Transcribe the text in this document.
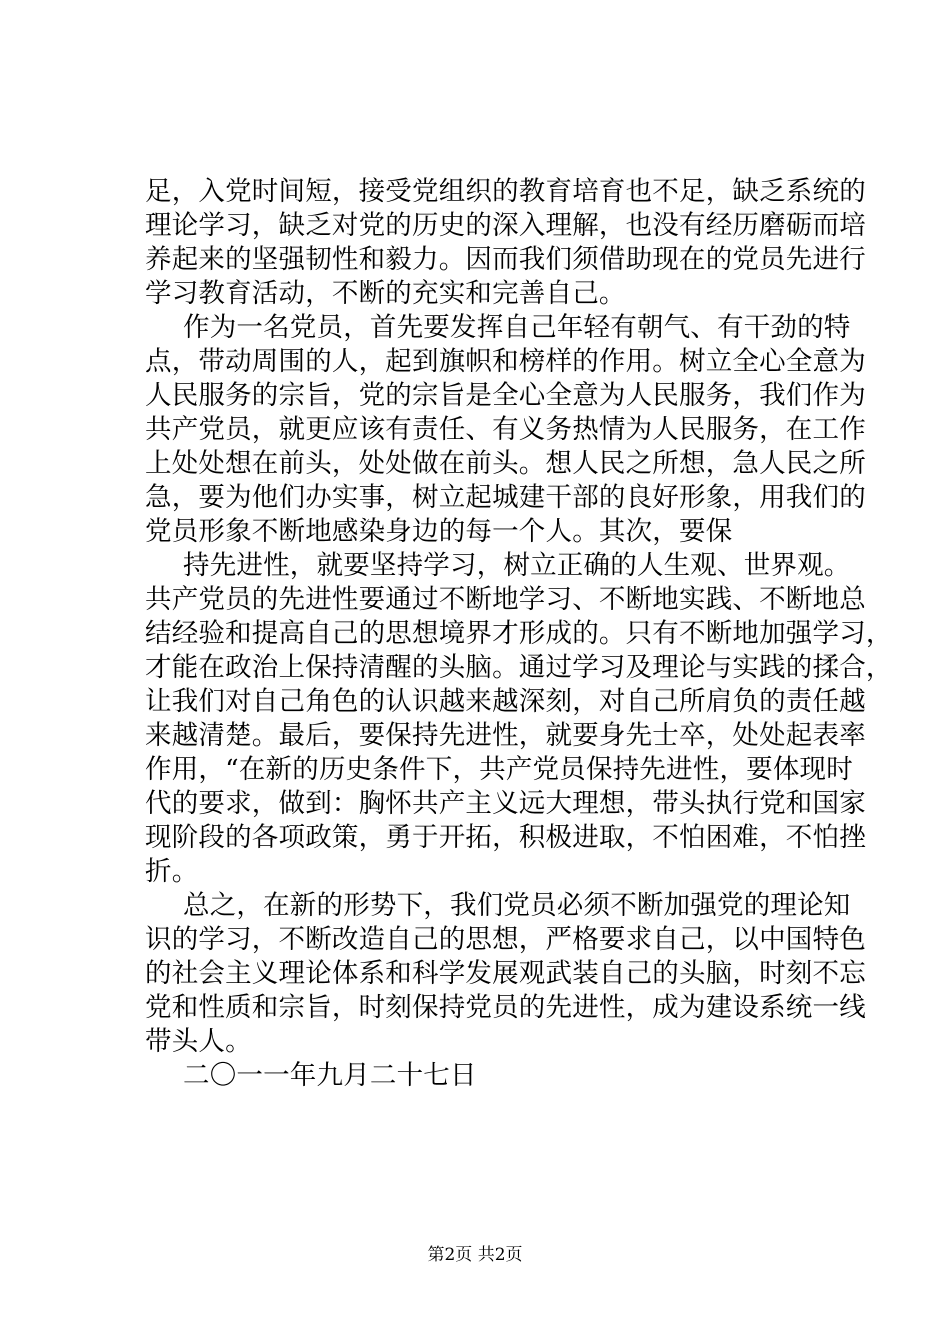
足，入党时间短，接受党组织的教育培育也不足，缺乏系统的
理论学习，缺乏对党的历史的深入理解，也没有经历磨砺而培
养起来的坚强韧性和毅力。因而我们须借助现在的党员先进行
学习教育活动，不断的充实和完善自己。
作为一名党员，首先要发挥自己年轻有朝气、有干劲的特
点，带动周围的人，起到旗帜和榜样的作用。树立全心全意为
人民服务的宗旨，党的宗旨是全心全意为人民服务，我们作为
共产党员，就更应该有责任、有义务热情为人民服务，在工作
上处处想在前头，处处做在前头。想人民之所想，急人民之所
急，要为他们办实事，树立起城建干部的良好形象，用我们的
党员形象不断地感染身边的每一个人。其次，要保
持先进性，就要坚持学习，树立正确的人生观、世界观。
共产党员的先进性要通过不断地学习、不断地实践、不断地总
结经验和提高自己的思想境界才形成的。只有不断地加强学习，
才能在政治上保持清醒的头脑。通过学习及理论与实践的揉合，
让我们对自己角色的认识越来越深刻，对自己所肩负的责任越
来越清楚。最后，要保持先进性，就要身先士卒，处处起表率
作用，“在新的历史条件下，共产党员保持先进性，要体现时
代的要求，做到：胸怀共产主义远大理想，带头执行党和国家
现阶段的各项政策，勇于开拓，积极进取，不怕困难，不怕挫
折。
总之，在新的形势下，我们党员必须不断加强党的理论知
识的学习，不断改造自己的思想，严格要求自己，以中国特色
的社会主义理论体系和科学发展观武装自己的头脑，时刻不忘
党和性质和宗旨，时刻保持党员的先进性，成为建设系统一线
带头人。
二〇一一年九月二十七日
第2页 共2页
